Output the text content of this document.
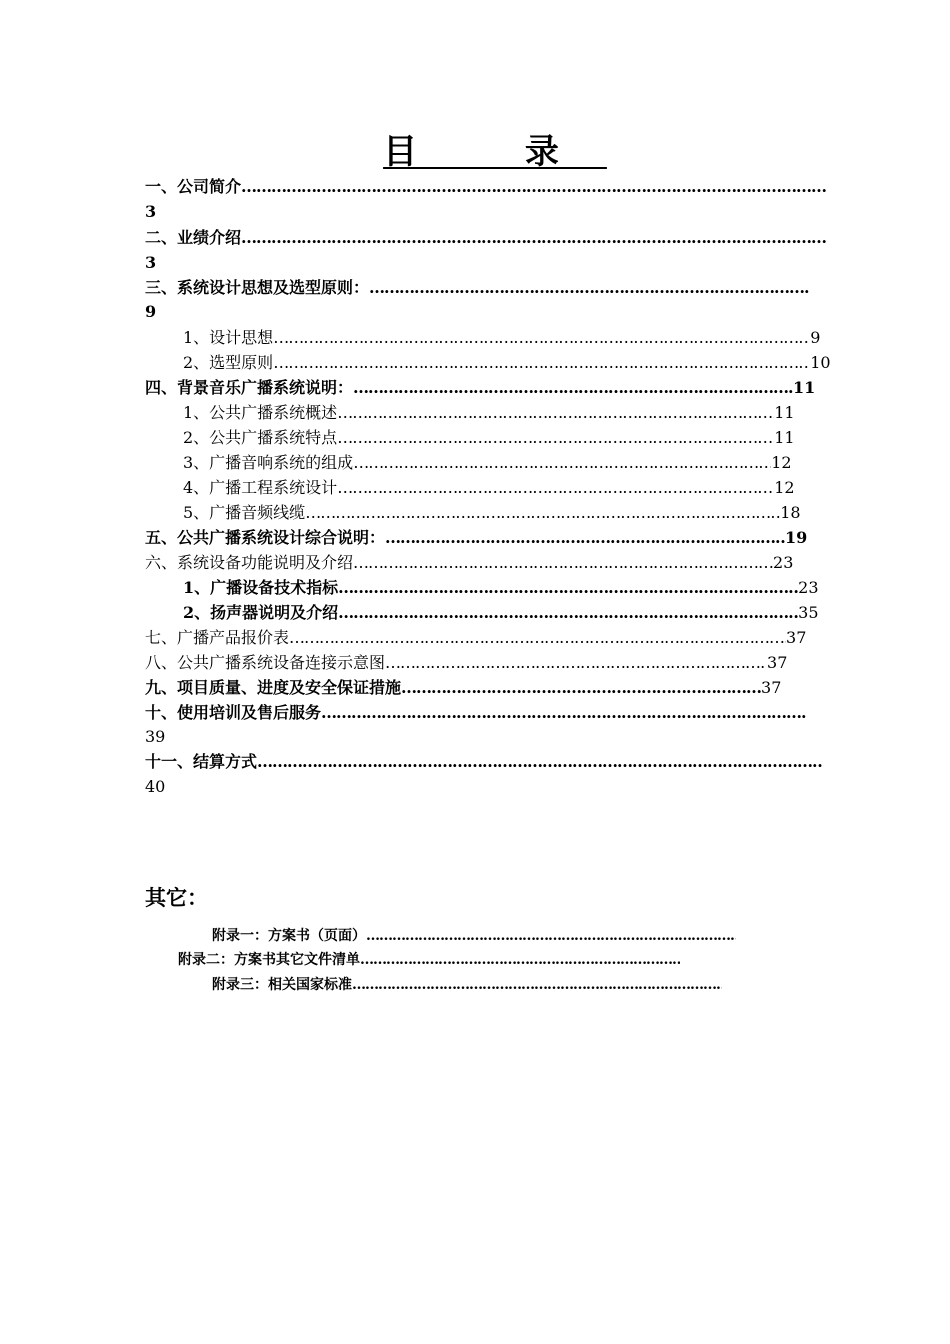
目 录
一、公司简介…………………………………………………………………………………………………………………………………………………………………
3
二、业绩介绍…………………………………………………………………………………………………………………………………………………………………
3
三、系统设计思想及选型原则：…………………………………………………………………………………………………………………………………………………………………
9
1、设计思想 …………………………………………………………………………………………………………………………………………………………………	9
2、选型原则 …………………………………………………………………………………………………………………………………………………………………	10
四、背景音乐广播系统说明： …………………………………………………………………………………………………………………………………………………………………	11
1、公共广播系统概述 …………………………………………………………………………………………………………………………………………………………………	11
2、公共广播系统特点 …………………………………………………………………………………………………………………………………………………………………	11
3、广播音响系统的组成 …………………………………………………………………………………………………………………………………………………………………	12
4、广播工程系统设计 …………………………………………………………………………………………………………………………………………………………………	12
5、广播音频线缆 …………………………………………………………………………………………………………………………………………………………………	18
五、公共广播系统设计综合说明： …………………………………………………………………………………………………………………………………………………………………	19
六、系统设备功能说明及介绍 …………………………………………………………………………………………………………………………………………………………………	23
1、广播设备技术指标 …………………………………………………………………………………………………………………………………………………………………	23
2、扬声器说明及介绍 …………………………………………………………………………………………………………………………………………………………………	35
七、广播产品报价表 …………………………………………………………………………………………………………………………………………………………………	37
八、公共广播系统设备连接示意图 …………………………………………………………………………………………………………………………………………………………………	37
九、项目质量、进度及安全保证措施 …………………………………………………………………………………………………………………………………………………………………	37
十、使用培训及售后服务…………………………………………………………………………………………………………………………………………………………………
39
十一、结算方式…………………………………………………………………………………………………………………………………………………………………
40
其它：
附录一：方案书（页面）…………………………………………………………………………………………………………………………………………………………………
附录二：方案书其它文件清单…………………………………………………………………………………………………………………………………………………………………
附录三：相关国家标准…………………………………………………………………………………………………………………………………………………………………
